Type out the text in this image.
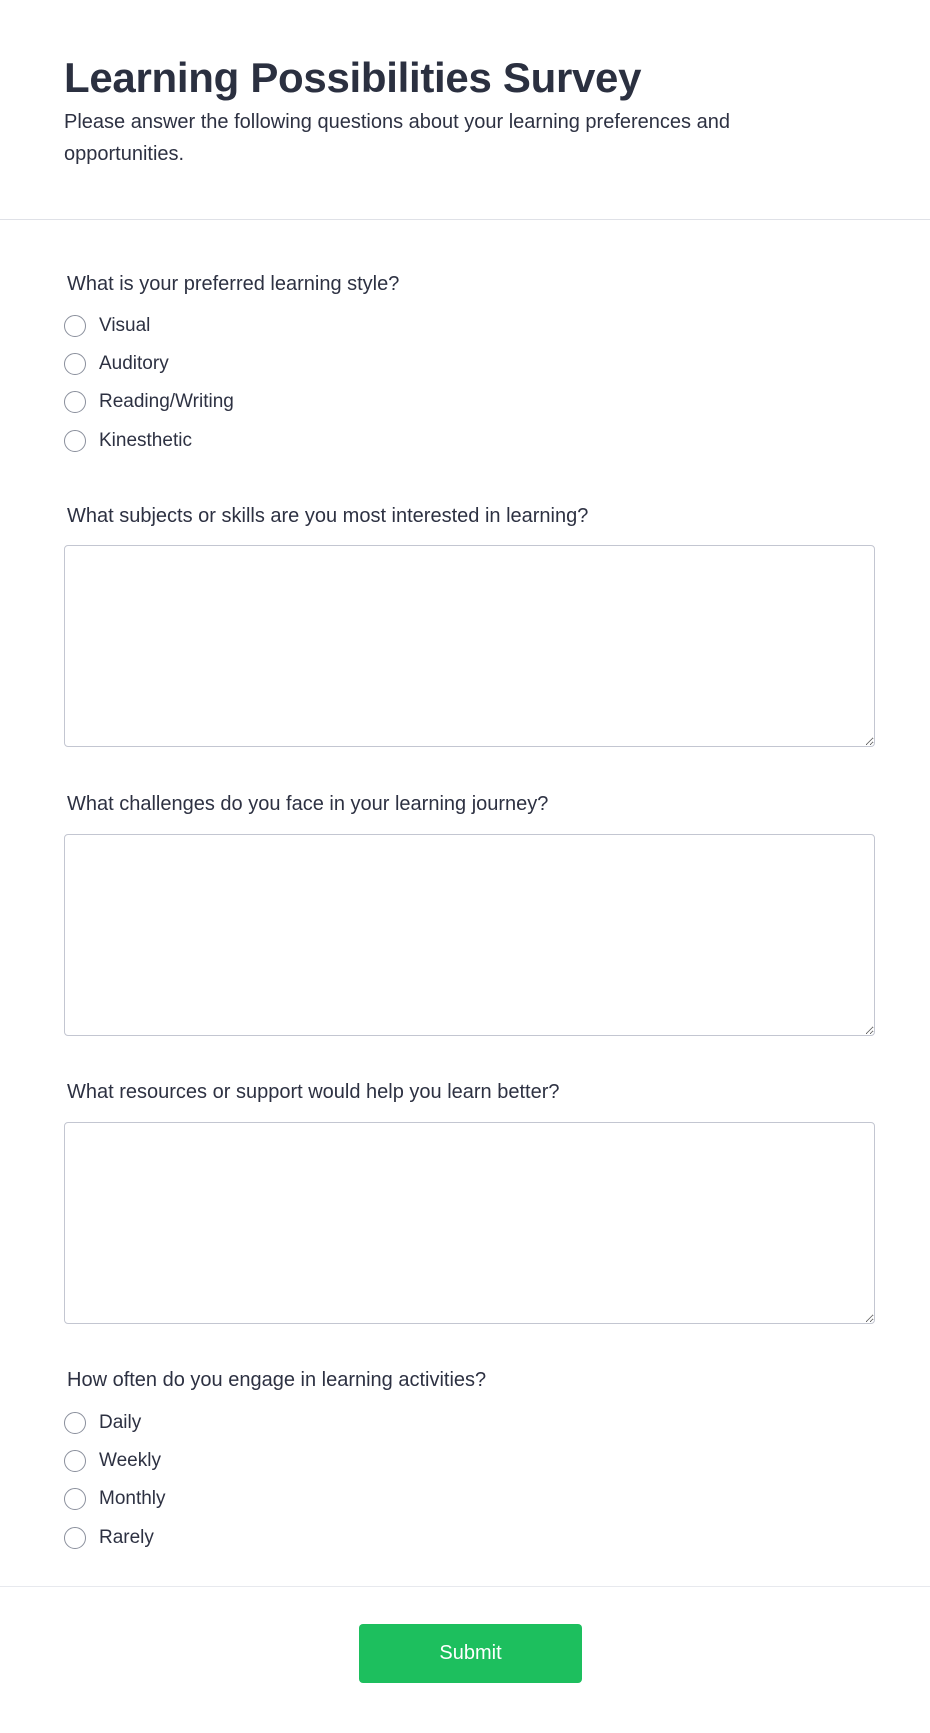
Learning Possibilities Survey

Please answer the following questions about your learning preferences and opportunities.

What is your preferred learning style?

Visual
Auditory
Reading/Writing
Kinesthetic

What subjects or skills are you most interested in learning?

What challenges do you face in your learning journey?

What resources or support would help you learn better?

How often do you engage in learning activities?

Daily
Weekly
Monthly
Rarely
Submit
